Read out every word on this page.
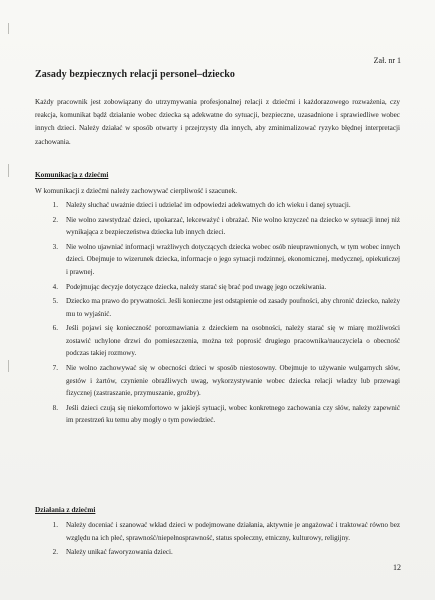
Zał. nr 1
Zasady bezpiecznych relacji personel–dziecko
Każdy pracownik jest zobowiązany do utrzymywania profesjonalnej relacji z dziećmi i każdorazowego rozważenia, czy reakcja, komunikat bądź działanie wobec dziecka są adekwatne do sytuacji, bezpieczne, uzasadnione i sprawiedliwe wobec innych dzieci. Należy działać w sposób otwarty i przejrzysty dla innych, aby zminimalizować ryzyko błędnej interpretacji zachowania.
Komunikacja z dziećmi
W komunikacji z dziećmi należy zachowywać cierpliwość i szacunek.
1. Należy słuchać uważnie dzieci i udzielać im odpowiedzi adekwatnych do ich wieku i danej sytuacji.
2. Nie wolno zawstydzać dzieci, upokarzać, lekceważyć i obrażać. Nie wolno krzyczeć na dziecko w sytuacji innej niż wynikająca z bezpieczeństwa dziecka lub innych dzieci.
3. Nie wolno ujawniać informacji wrażliwych dotyczących dziecka wobec osób nieuprawnionych, w tym wobec innych dzieci. Obejmuje to wizerunek dziecka, informacje o jego sytuacji rodzinnej, ekonomicznej, medycznej, opiekuńczej i prawnej.
4. Podejmując decyzje dotyczące dziecka, należy starać się brać pod uwagę jego oczekiwania.
5. Dziecko ma prawo do prywatności. Jeśli konieczne jest odstąpienie od zasady poufności, aby chronić dziecko, należy mu to wyjaśnić.
6. Jeśli pojawi się konieczność porozmawiania z dzieckiem na osobności, należy starać się w miarę możliwości zostawić uchylone drzwi do pomieszczenia, można też poprosić drugiego pracownika/nauczyciela o obecność podczas takiej rozmowy.
7. Nie wolno zachowywać się w obecności dzieci w sposób niestosowny. Obejmuje to używanie wulgarnych słów, gestów i żartów, czynienie obraźliwych uwag, wykorzystywanie wobec dziecka relacji władzy lub przewagi fizycznej (zastraszanie, przymuszanie, groźby).
8. Jeśli dzieci czują się niekomfortowo w jakiejś sytuacji, wobec konkretnego zachowania czy słów, należy zapewnić im przestrzeń ku temu aby mogły o tym powiedzieć.
Działania z dziećmi
1. Należy doceniać i szanować wkład dzieci w podejmowane działania, aktywnie je angażować i traktować równo bez względu na ich płeć, sprawność/niepełnosprawność, status społeczny, etniczny, kulturowy, religijny.
2. Należy unikać faworyzowania dzieci.
12
